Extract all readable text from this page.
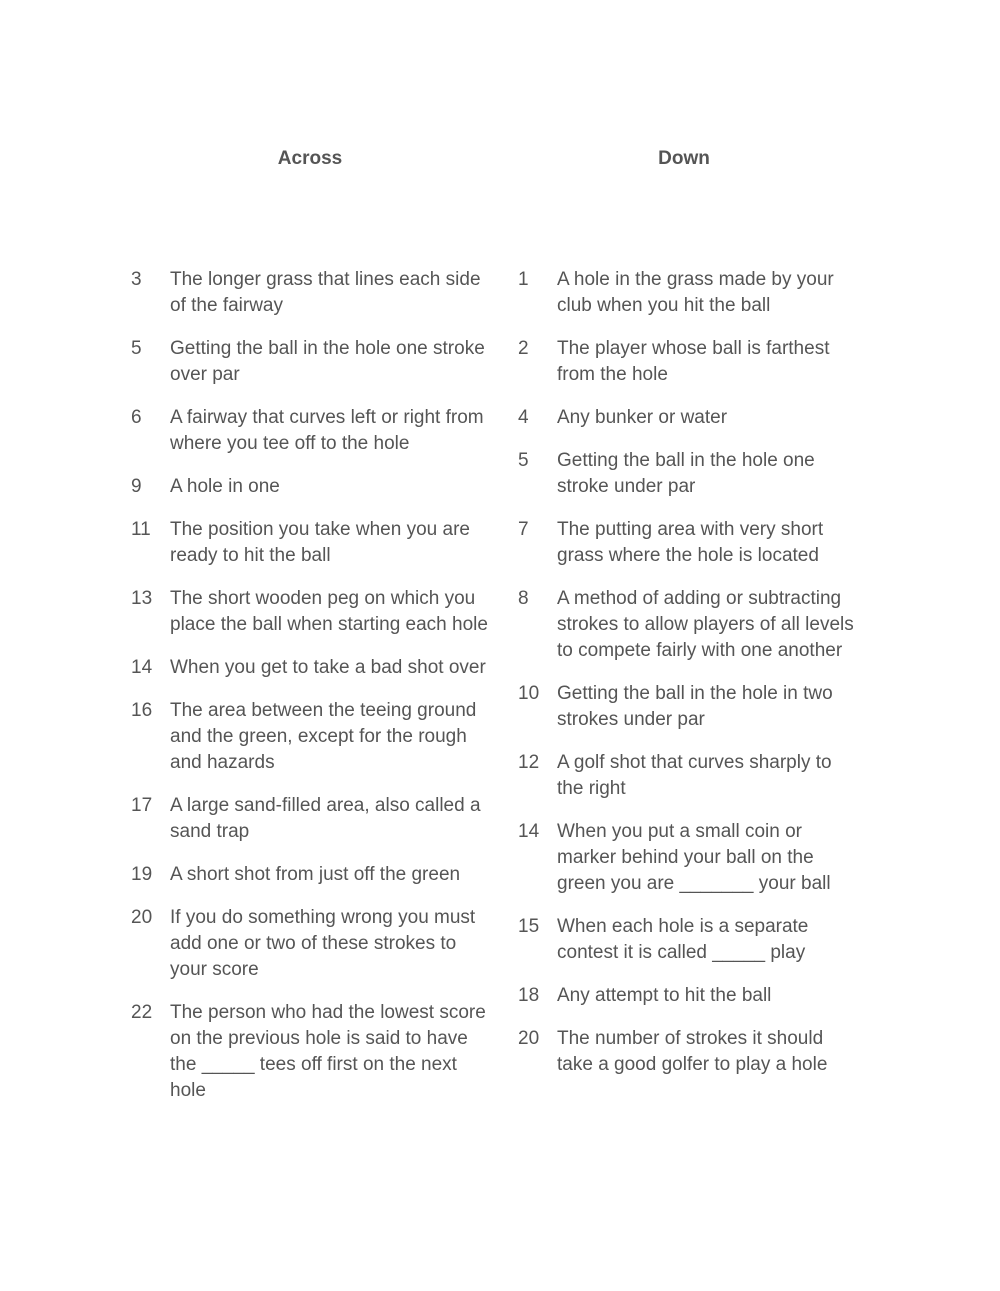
Across	Down
3	The longer grass that lines each side of the fairway
5	Getting the ball in the hole one stroke over par
6	A fairway that curves left or right from where you tee off to the hole
9	A hole in one
11	The position you take when you are ready to hit the ball
13 The short wooden peg on which you place the ball when starting each hole
14 When you get to take a bad shot over
16 The area between the teeing ground and the green, except for the rough and hazards
17 A large sand-filled area, also called a sand trap
19 A short shot from just off the green
20 If you do something wrong you must add one or two of these strokes to your score
22 The person who had the lowest score on the previous hole is said to have the _____ tees off first on the next hole
1	A hole in the grass made by your club when you hit the ball
2	The player whose ball is farthest from the hole
4	Any bunker or water
5	Getting the ball in the hole one stroke under par
7	The putting area with very short grass where the hole is located
8	A method of adding or subtracting strokes to allow players of all levels to compete fairly with one another
10 Getting the ball in the hole in two strokes under par
12 A golf shot that curves sharply to the right
14 When you put a small coin or marker behind your ball on the green you are _______ your ball
15 When each hole is a separate contest it is called _____ play
18 Any attempt to hit the ball
20 The number of strokes it should take a good golfer to play a hole
